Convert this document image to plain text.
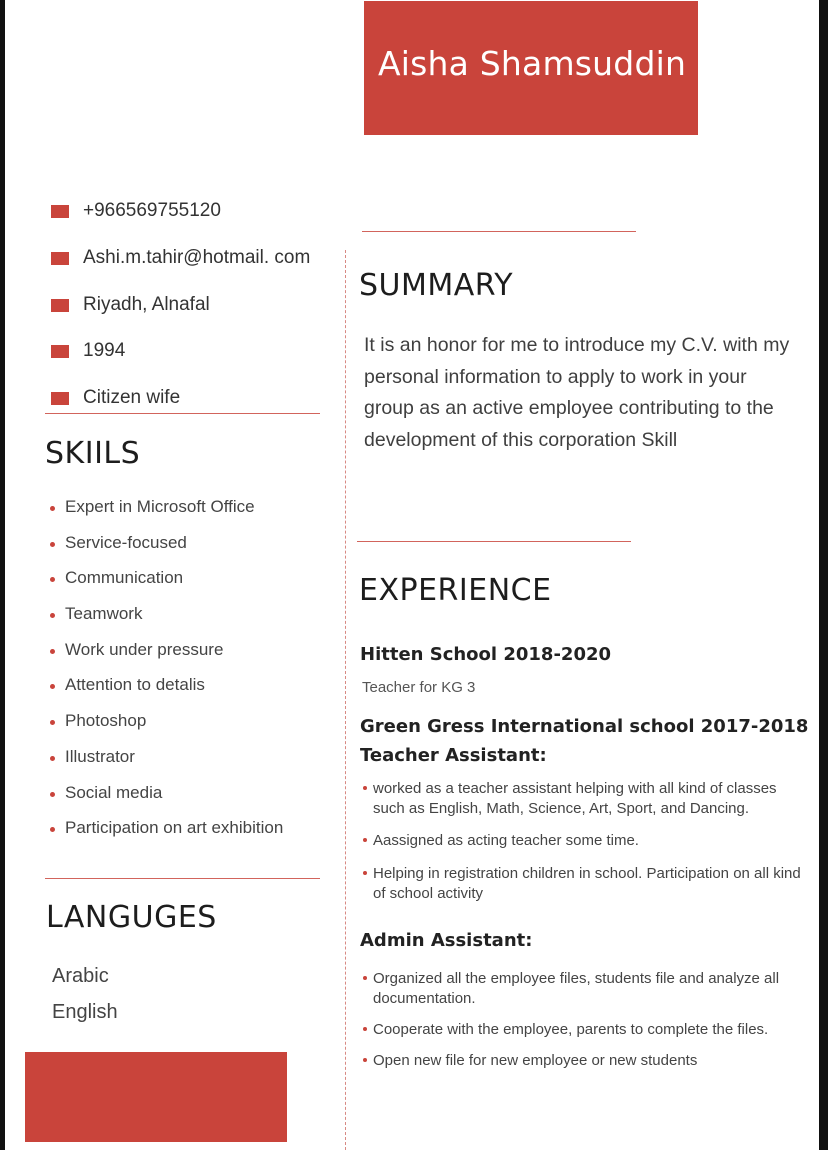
Aisha Shamsuddin
+966569755120
Ashi.m.tahir@hotmail. com
Riyadh, Alnafal
1994
Citizen wife
SKIILS
Expert in Microsoft Office
Service-focused
Communication
Teamwork
Work under pressure
Attention to detalis
Photoshop
Illustrator
Social media
Participation on art exhibition
LANGUGES
Arabic
English
SUMMARY
It is an honor for me to introduce my C.V. with my personal information to apply to work in your group as an active employee contributing to the development of this corporation Skill
EXPERIENCE
Hitten School 2018-2020
Teacher for KG 3
Green Gress International school 2017-2018
Teacher Assistant:
worked as a teacher assistant helping with all kind of classes such as English, Math, Science, Art, Sport, and Dancing.
Aassigned as acting teacher some time.
Helping in registration children in school. Participation on all kind of school activity
Admin Assistant:
Organized all the employee files, students file and analyze all documentation.
Cooperate with the employee, parents to complete the files.
Open new file for new employee or new students
